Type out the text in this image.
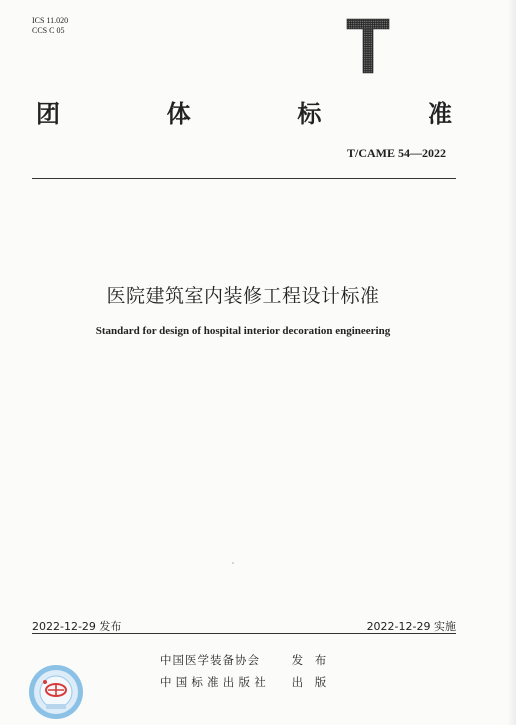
ICS 11.020
CCS C 05
T
团	体	标	准
T/CAME 54—2022
医院建筑室内装修工程设计标准
Standard for design of hospital interior decoration engineering
2022-12-29 发布	2022-12-29 实施
中国医学装备协会	发 布
中国标准出版社 出 版
